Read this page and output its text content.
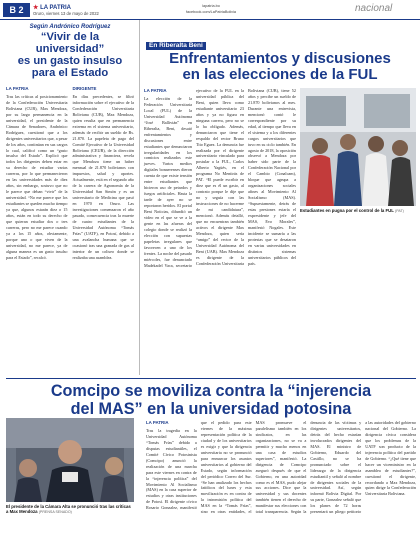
B 2	★ LA PATRIA
Oruro, viernes 13 de mayo de 2022
lapatria.bo
facebook.com/LaPatriaBolivia	nacional
Según Andrónico Rodríguez
“Vivir de la universidad”
es un gasto insulso
para el Estado
LA PATRIA
Tras las críticas al posicionamiento de la Confederación Universitaria Boliviana (CUB), Max Mendoza, por su largo permanencia en la universidad, el presidente de la Cámara de Senadores, Andrónico Rodríguez, cuestionó que a los dirigentes universitarios que, a pesar de los años, continúan en sus cargos lo cual, calificó como un “gasto insulso del Estado”. Explicó que todos los dirigentes deben estar en su derecho de estudiar varias carreras, por lo que permanecieron en las universidades más de diez años, sin embargo, sostuvo que no le parece que deban “vivir” de la universidad. “No me parece que los estudiantes se queden mucho tiempo ya que, algunos estarán diez o 15 años, están en todo su derecho de que quieran estudiar dos o tres carreras, pero no me parece cuando ya a los 15 años, obviamente, porque uno o que viven de la universidad, no me parece, ya de alguna manera es un gasto insulso para el Estado”, recalcó.
DIRIGENTE
En días precedentes, se filtró información sobre el ejecutivo de la Confederación Universitaria Boliviana (CUB), Max Mendoza, quien resulta que en permanencia extrema en el sistema universitario, además de recibir un sueldo de Bs. 21.870. La papeleta de pago del Comité Ejecutivo de la Universidad Boliviana (CEUB), de la dirección administrativa y financiera, revela que Mendoza tiene un haber mensual de 21.870 bolivianos con impuestos, salud y aportes. Actualmente, está en el segundo año de la carrera de Agronomía de la Universidad San Simón y es un universitario de Medicina que pasó en 1970 en Oruro. Las investigaciones comenzaron el año pasado, consecuencia tras la muerte de cuatro estudiantes de la Universidad Autónoma “Tomás Frías” (UATF), en Potosí, debido a una avalancha humana que se ocasionó tras una granada de gas al interior de un coliseo donde se realizaba una asamblea.
El presidente de la Cámara Alta se pronunció tras las críticas a Max Mendoza (PRENSA SENADO)
En Riberalta Beni
Enfrentamientos y discusiones
en las elecciones de la FUL
LA PATRIA
La elección de la Federación Universitaria Local (FUL) de la Universidad Autónoma “José Ballivián” en Riberalta, Beni, desató enfrentamientos y discusiones entre estudiantes que denunciaron irregularidades en los comicios realizados este jueves. Varios medios digitales bonaerenses dieron cuenta de que existe tensión entre estudiantes que hicieron uso de petardos y fuegos artificiales. Hasta la tarde de ayer no se reportaron heridos. El portal Beni Noticias, difundió un video en el que se ve a la gente en las afueras del colegio donde se realizó la elección con supuestas papeletas irregulares que favorecen a uno de los frentes. La noche del pasado miércoles, fue denunciado Madekadel Vaca, secretario ejecutivo de la FUL en la universidad pública del Beni, quien lleva como estudiante universitario 23 años y ya no figura en ninguna carrera, pero no se lo ha obligado. Además, denunciaron que tiene el respaldo del rector Bruno Tito Eguez. La denuncia fue realizada por el dirigente universitario vinculado para postular a la FUL, Carlos Alberto Yagüés, en el programa No Mentirás de PAT. “El puede escribir en diez que es él un gasto, al contrato porque le dije que no y seguía con las instrucciones de no hacerme de mi candidatura”, mencionó. Además detalló, que no encuentran también activos el dirigente Max Mendoza, quien sería “amigo” del rector de la Universidad Autónoma del Beni (UAB). Max Mendoza es dirigente de la Confederación Universitaria Boliviana (CUB), tiene 52 años y percibe un sueldo de 21.870 bolivianos al mes. Durante una entrevista, mencionó contó le correspondiente por su edad, al tiempo que lleva en el sistema y a los diferentes cargos universitarios que tuvo en su ciclo también. En agosto de 2018, la oposición observó a Mendoza por haber sido parte de la Confederación Nacional por el Cambio (Conalcam), bloque que agrupa a organizaciones sociales afines al Movimiento Al Socialismo (MAS). “Supuestamente, detrás de estas presiones estaría el expresidente y jefe del MAS, Evo Morales”, manifestó Nogales. Este incidente se sumaría a las protestas que se desataron en varias universidades en distintos sistemas universitarios públicos del país.
Estudiantes en pugna por el control de la FUL (PAT)
Comcipo se moviliza contra la “injerencia
del MAS” en la universidad potosina
LA PATRIA
Tras la tragedia en la Universidad Autónoma “Tomás Frías” debido a disputas estudiantiles, el Comité Cívico Potosinista (Comcipo) anunció la realización de una marcha para este viernes en contra de la “injerencia política” del Movimiento Al Socialismo (MAS) en la casa superior de estudios y otras instituciones de Potosí. El dirigente cívico Rosario Gonzalez, manifestó que el pedido para este viernes de la máxima representación política de la ciudad y de los universitarios es exigir y que la dirigencia universitaria no se pronunció para enmarcar los asuntos universitarios al gobierno del Estado, según información del periódico Correo del Sur. “Se han analizado los hechos fatídicos del lunes y esta movilización es en contra de la intromisión política del MAS en la “Tomás Frías”, sino en otras entidades, el MAS promueve el paralelismo también en los sindicatos, en las organizaciones, no se va a permitir y mucho menos en una casa de estudios superiores”, manifestó. La dirigencia de Comcipo aseguró después de que el Gobierno, en una autoridad como es el MAS, pudo alejar sus acciones. Dice que la universidad y sus docentes también tienen el derecho de manifestar sus elecciones con total transparencia. Según la denuncia de las víctimas y dirigentes universitarios, detrás del hecho estarían involucrados dirigentes del MAS. El ministro de Gobierno, Eduardo del Castillo, no se ha pronunciado sobre el liderazgo de la dirigencia estudiantil y señaló al nombre de dirigentes sociales de la universidad. Así, según informó Bolivia Digital. Por su parte, Gonzalez señaló que los planes de 72 horas presentará un pliego petitorio a las autoridades del gobierno nacional del Gobierno. La dirigencia cívica considera que los problemas de la UATF son producto de la injerencia política del partido de Gobierno. “¿Qué tiene que hacer un viceministro en la asamblea de estudiantes?”, cuestionó el dirigente, recordando a Max Mendoza, quien dirige la Confederación Universitaria Boliviana.
